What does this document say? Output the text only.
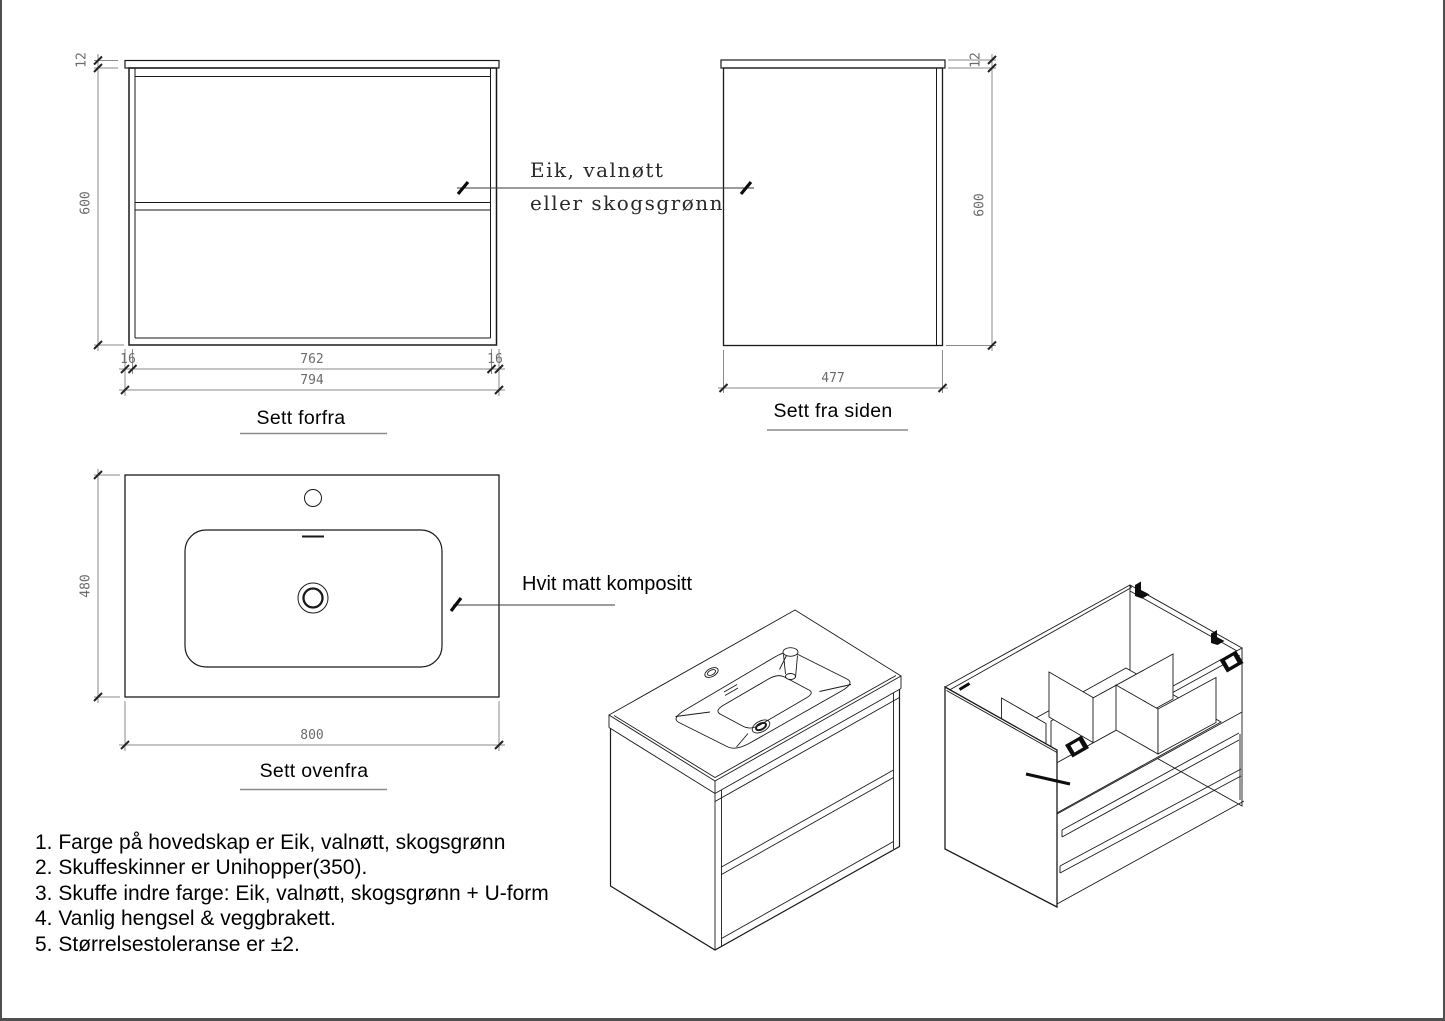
12
600
16	762	16
794
Sett forfra
12
600
477
Sett fra siden
Eik, valnøtt
eller skogsgrønn
480
800
Sett ovenfra
Hvit matt kompositt
1. Farge på hovedskap er Eik, valnøtt, skogsgrønn
2. Skuffeskinner er Unihopper(350).
3. Skuffe indre farge: Eik, valnøtt, skogsgrønn + U-form
4. Vanlig hengsel & veggbrakett.
5. Størrelsestoleranse er ±2.
